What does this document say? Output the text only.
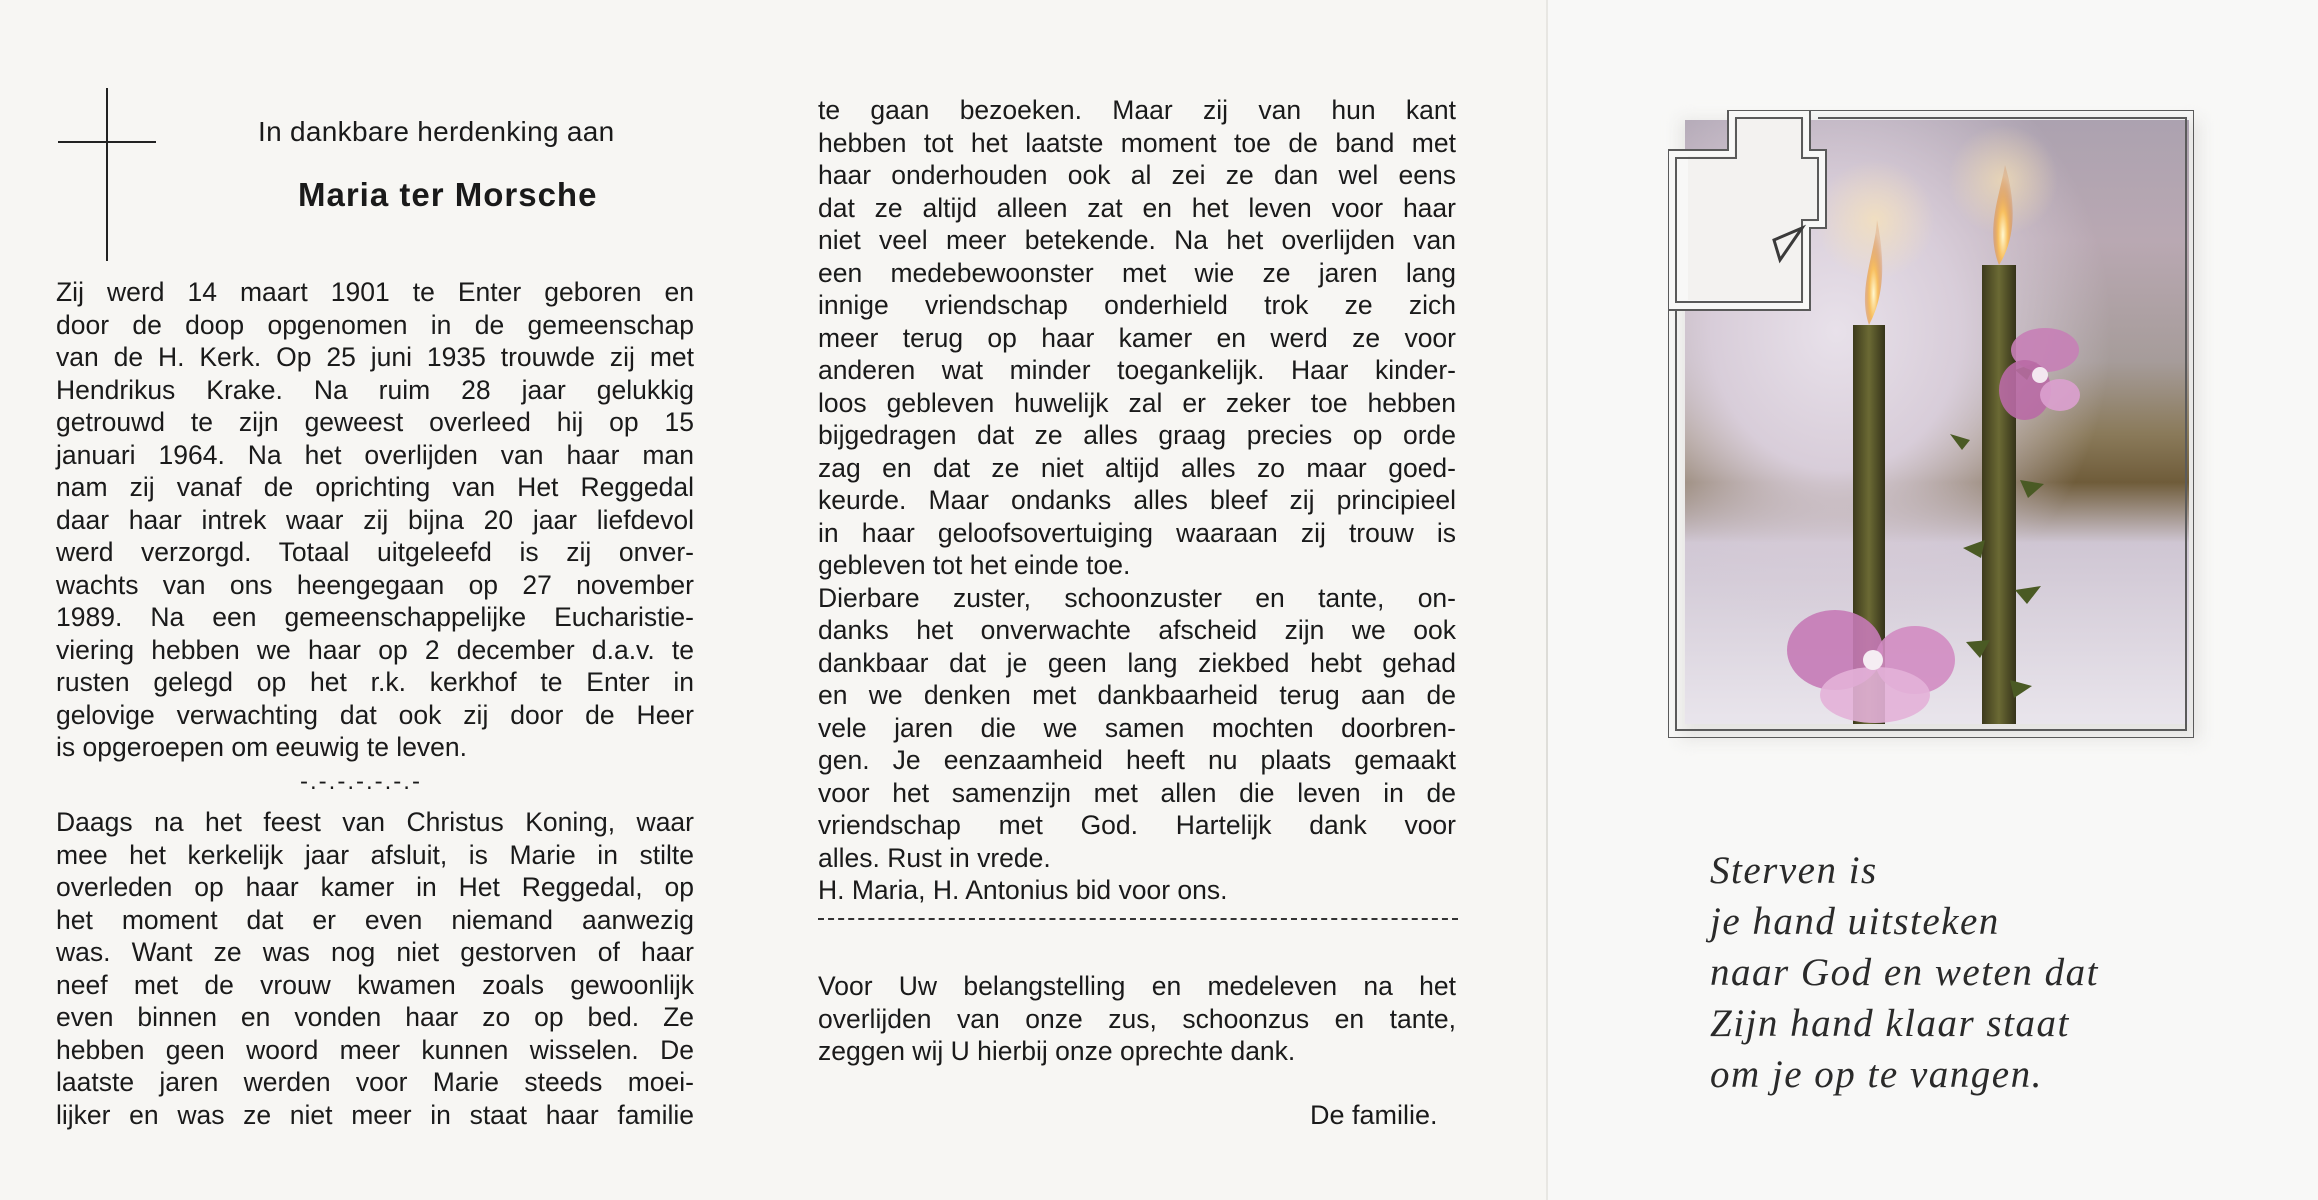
In dankbare herdenking aan
Maria ter Morsche

Zij werd 14 maart 1901 te Enter geboren en

door de doop opgenomen in de gemeenschap

van de H. Kerk. Op 25 juni 1935 trouwde zij met

Hendrikus Krake. Na ruim 28 jaar gelukkig

getrouwd te zijn geweest overleed hij op 15

januari 1964. Na het overlijden van haar man

nam zij vanaf de oprichting van Het Reggedal

daar haar intrek waar zij bijna 20 jaar liefdevol

werd verzorgd. Totaal uitgeleefd is zij onver-

wachts van ons heengegaan op 27 november

1989. Na een gemeenschappelijke Eucharistie-

viering hebben we haar op 2 december d.a.v. te

rusten gelegd op het r.k. kerkhof te Enter in

gelovige verwachting dat ook zij door de Heer

is opgeroepen om eeuwig te leven.

-.-.-.-.-.-.-

Daags na het feest van Christus Koning, waar

mee het kerkelijk jaar afsluit, is Marie in stilte

overleden op haar kamer in Het Reggedal, op

het moment dat er even niemand aanwezig

was. Want ze was nog niet gestorven of haar

neef met de vrouw kwamen zoals gewoonlijk

even binnen en vonden haar zo op bed. Ze

hebben geen woord meer kunnen wisselen. De

laatste jaren werden voor Marie steeds moei-

lijker en was ze niet meer in staat haar familie

te gaan bezoeken. Maar zij van hun kant

hebben tot het laatste moment toe de band met

haar onderhouden ook al zei ze dan wel eens

dat ze altijd alleen zat en het leven voor haar

niet veel meer betekende. Na het overlijden van

een medebewoonster met wie ze jaren lang

innige vriendschap onderhield trok ze zich

meer terug op haar kamer en werd ze voor

anderen wat minder toegankelijk. Haar kinder-

loos gebleven huwelijk zal er zeker toe hebben

bijgedragen dat ze alles graag precies op orde

zag en dat ze niet altijd alles zo maar goed-

keurde. Maar ondanks alles bleef zij principieel

in haar geloofsovertuiging waaraan zij trouw is

gebleven tot het einde toe.

Dierbare zuster, schoonzuster en tante, on-

danks het onverwachte afscheid zijn we ook

dankbaar dat je geen lang ziekbed hebt gehad

en we denken met dankbaarheid terug aan de

vele jaren die we samen mochten doorbren-

gen. Je eenzaamheid heeft nu plaats gemaakt

voor het samenzijn met allen die leven in de

vriendschap met God. Hartelijk dank voor

alles. Rust in vrede.

H. Maria, H. Antonius bid voor ons.

Voor Uw belangstelling en medeleven na het

overlijden van onze zus, schoonzus en tante,

zeggen wij U hierbij onze oprechte dank.

De familie.
Sterven is
je hand uitsteken
naar God en weten dat
Zijn hand klaar staat
om je op te vangen.
